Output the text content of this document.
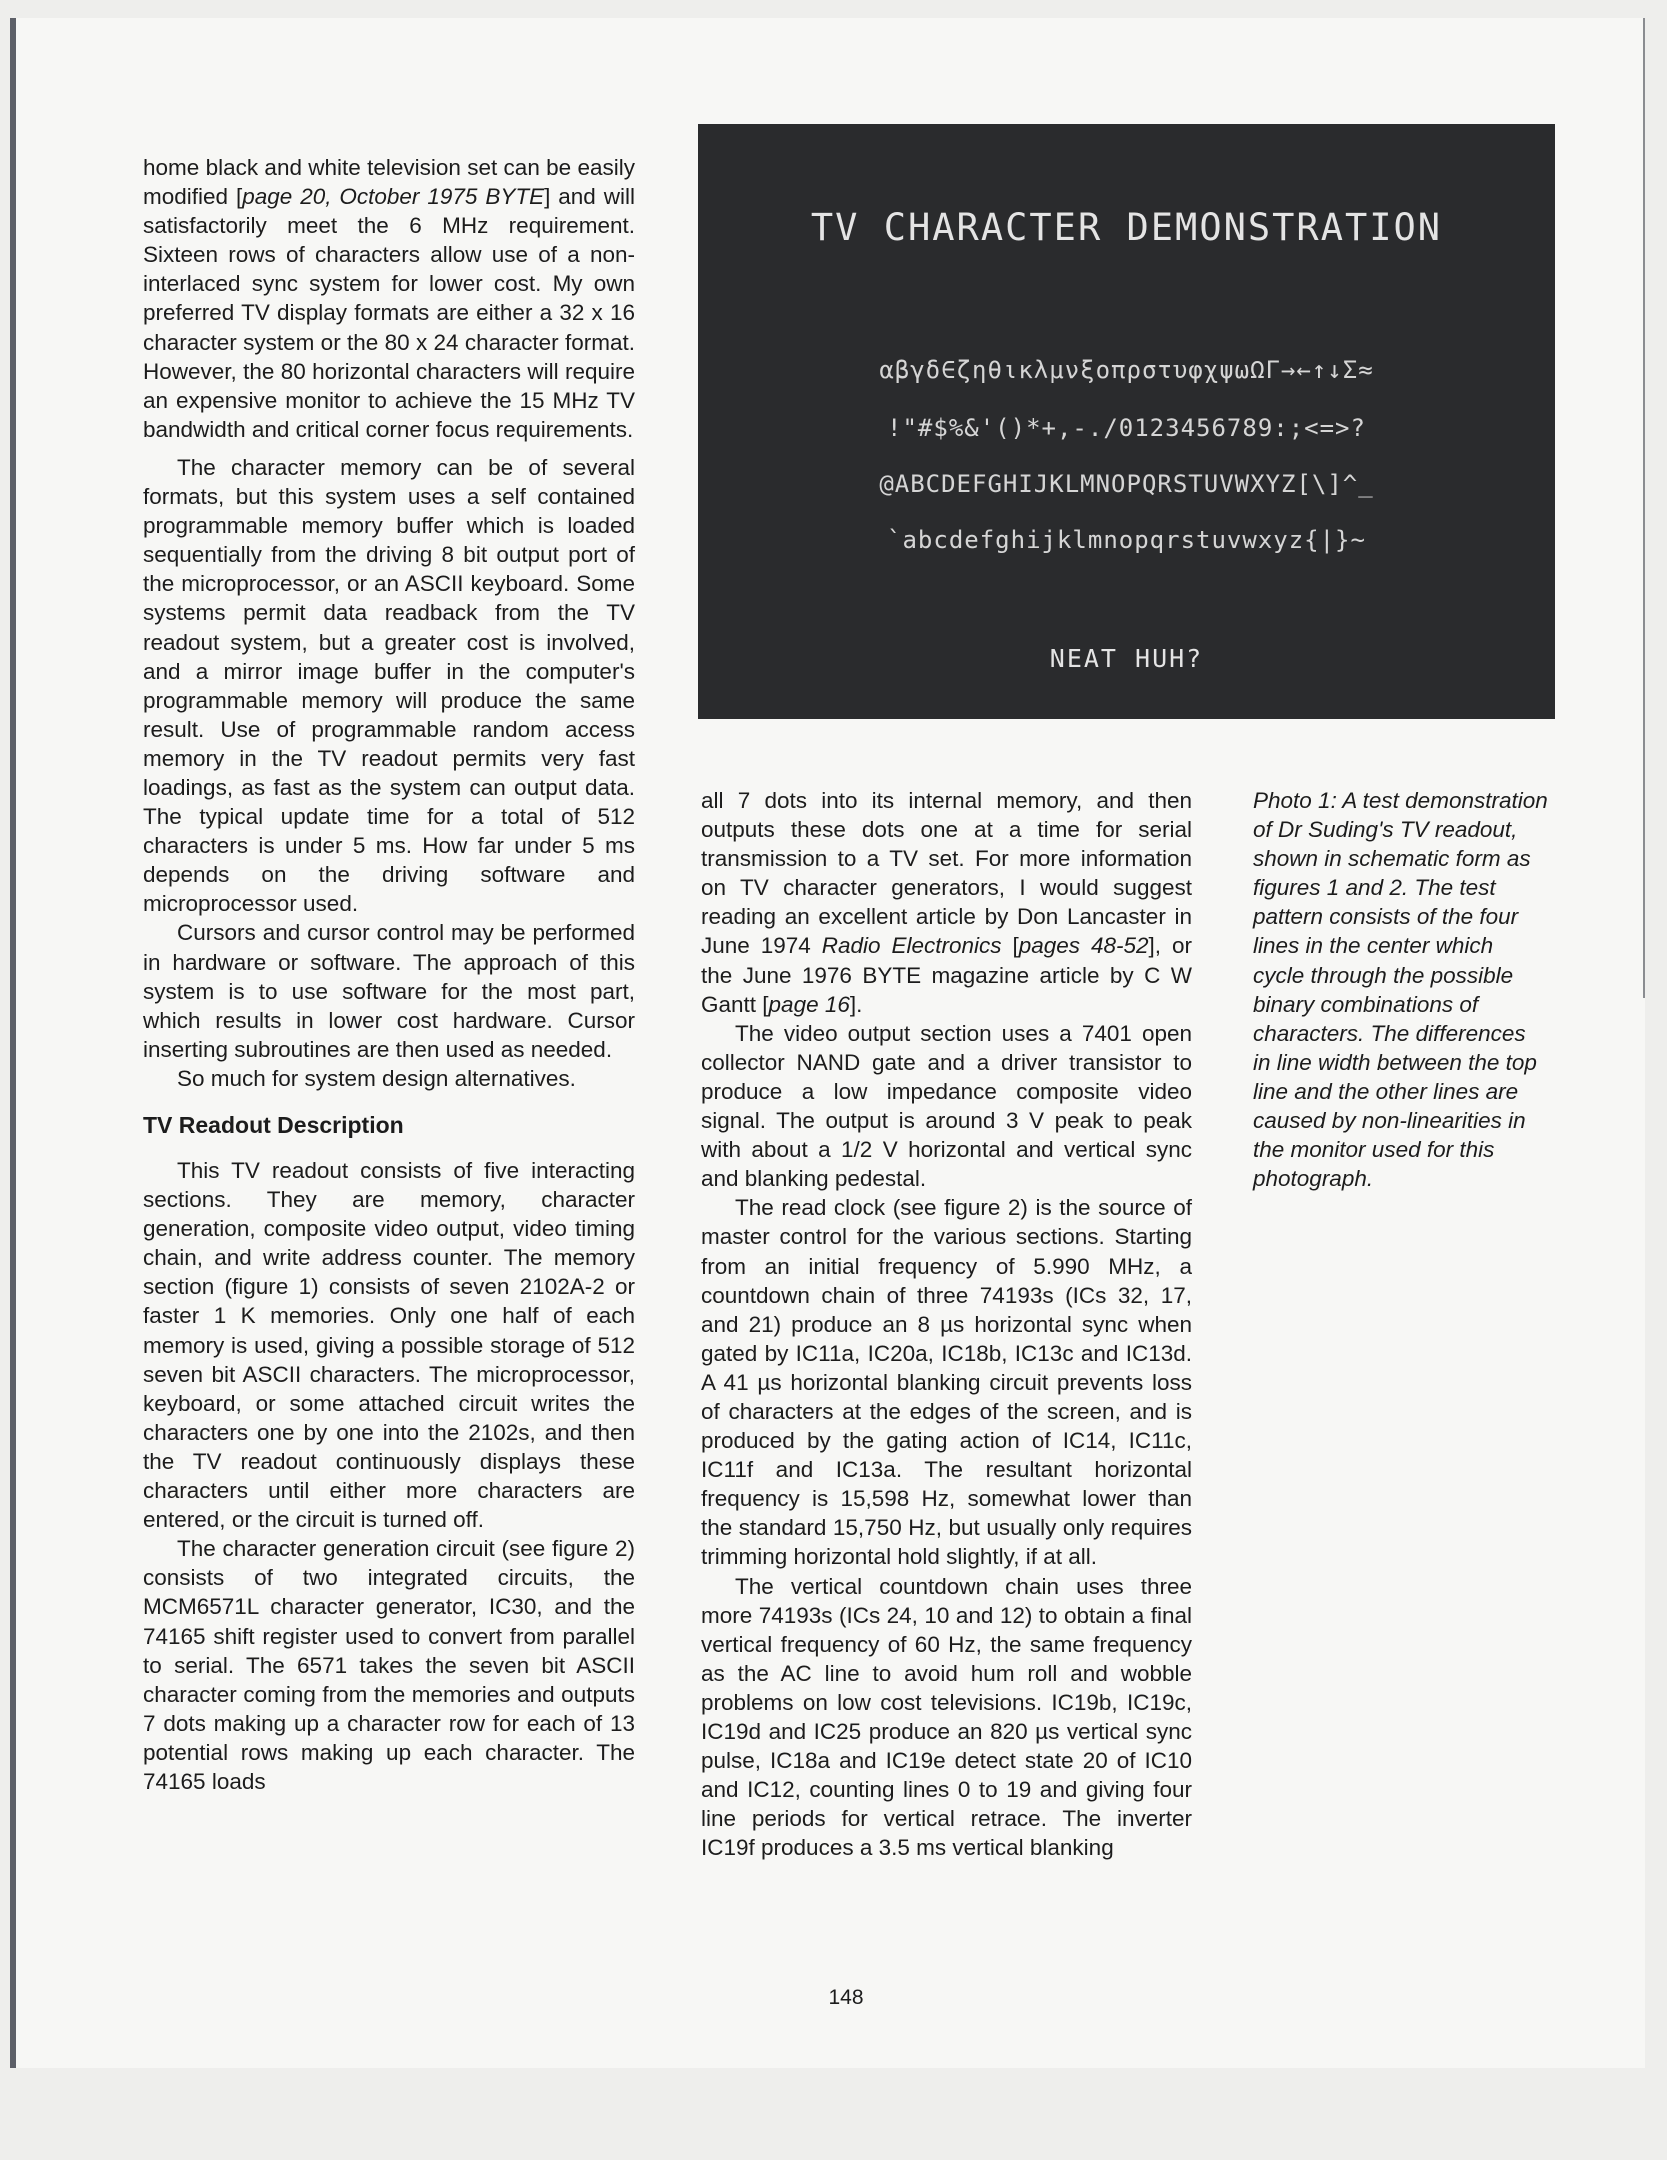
home black and white television set can be easily modified [page 20, October 1975 BYTE] and will satisfactorily meet the 6 MHz requirement. Sixteen rows of characters allow use of a non-interlaced sync system for lower cost. My own preferred TV display formats are either a 32 x 16 character system or the 80 x 24 character format. However, the 80 horizontal characters will require an expensive monitor to achieve the 15 MHz TV bandwidth and critical corner focus requirements.

The character memory can be of several formats, but this system uses a self contained programmable memory buffer which is loaded sequentially from the driving 8 bit output port of the microprocessor, or an ASCII keyboard. Some systems permit data readback from the TV readout system, but a greater cost is involved, and a mirror image buffer in the computer's programmable memory will produce the same result. Use of programmable random access memory in the TV readout permits very fast loadings, as fast as the system can output data. The typical update time for a total of 512 characters is under 5 ms. How far under 5 ms depends on the driving software and microprocessor used.

Cursors and cursor control may be performed in hardware or software. The approach of this system is to use software for the most part, which results in lower cost hardware. Cursor inserting subroutines are then used as needed.

So much for system design alternatives.

TV Readout Description

This TV readout consists of five interacting sections. They are memory, character generation, composite video output, video timing chain, and write address counter. The memory section (figure 1) consists of seven 2102A-2 or faster 1 K memories. Only one half of each memory is used, giving a possible storage of 512 seven bit ASCII characters. The microprocessor, keyboard, or some attached circuit writes the characters one by one into the 2102s, and then the TV readout continuously displays these characters until either more characters are entered, or the circuit is turned off.

The character generation circuit (see figure 2) consists of two integrated circuits, the MCM6571L character generator, IC30, and the 74165 shift register used to convert from parallel to serial. The 6571 takes the seven bit ASCII character coming from the memories and outputs 7 dots making up a character row for each of 13 potential rows making up each character. The 74165 loads

TV CHARACTER DEMONSTRATION
αβγδ∈ζηθικλμνξοπρστυφχψωΩΓ→←↑↓Σ≈
!"#$%&'()*+,-./0123456789:;<=>?
@ABCDEFGHIJKLMNOPQRSTUVWXYZ[\]^_
`abcdefghijklmnopqrstuvwxyz{|}~
NEAT HUH?

all 7 dots into its internal memory, and then outputs these dots one at a time for serial transmission to a TV set. For more information on TV character generators, I would suggest reading an excellent article by Don Lancaster in June 1974 Radio Electronics [pages 48-52], or the June 1976 BYTE magazine article by C W Gantt [page 16].

The video output section uses a 7401 open collector NAND gate and a driver transistor to produce a low impedance composite video signal. The output is around 3 V peak to peak with about a 1/2 V horizontal and vertical sync and blanking pedestal.

The read clock (see figure 2) is the source of master control for the various sections. Starting from an initial frequency of 5.990 MHz, a countdown chain of three 74193s (ICs 32, 17, and 21) produce an 8 µs horizontal sync when gated by IC11a, IC20a, IC18b, IC13c and IC13d. A 41 µs horizontal blanking circuit prevents loss of characters at the edges of the screen, and is produced by the gating action of IC14, IC11c, IC11f and IC13a. The resultant horizontal frequency is 15,598 Hz, somewhat lower than the standard 15,750 Hz, but usually only requires trimming horizontal hold slightly, if at all.

The vertical countdown chain uses three more 74193s (ICs 24, 10 and 12) to obtain a final vertical frequency of 60 Hz, the same frequency as the AC line to avoid hum roll and wobble problems on low cost televisions. IC19b, IC19c, IC19d and IC25 produce an 820 µs vertical sync pulse, IC18a and IC19e detect state 20 of IC10 and IC12, counting lines 0 to 19 and giving four line periods for vertical retrace. The inverter IC19f produces a 3.5 ms vertical blanking

Photo 1: A test demonstration of Dr Suding's TV readout, shown in schematic form as figures 1 and 2. The test pattern consists of the four lines in the center which cycle through the possible binary combinations of characters. The differences in line width between the top line and the other lines are caused by non-linearities in the monitor used for this photograph.

148
